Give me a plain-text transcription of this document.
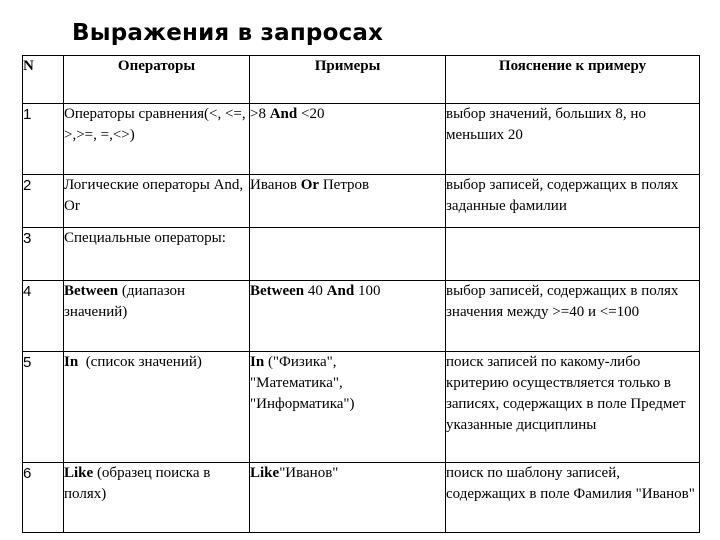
Выражения в запросах
N	Операторы	Примеры	Пояснение к примеру
1	Операторы сравнения(<, <=, >,>=, =,<>)	>8 And <20	выбор значений, больших 8, но меньших 20
2	Логические операторы And, Or	Иванов Or Петров	выбор записей, содержащих в полях заданные фамилии
3	Специальные операторы:		
4	Between (диапазон значений)	Between 40 And 100	выбор записей, содержащих в полях значения между >=40 и <=100
5	In  (список значений)	In ("Физика",
"Математика",
"Информатика")	поиск записей по какому-либо критерию осуществляется только в записях, содержащих в поле Предмет указанные дисциплины
6	Like (образец поиска в полях)	Like"Иванов"	поиск по шаблону записей, содержащих в поле Фамилия "Иванов"
